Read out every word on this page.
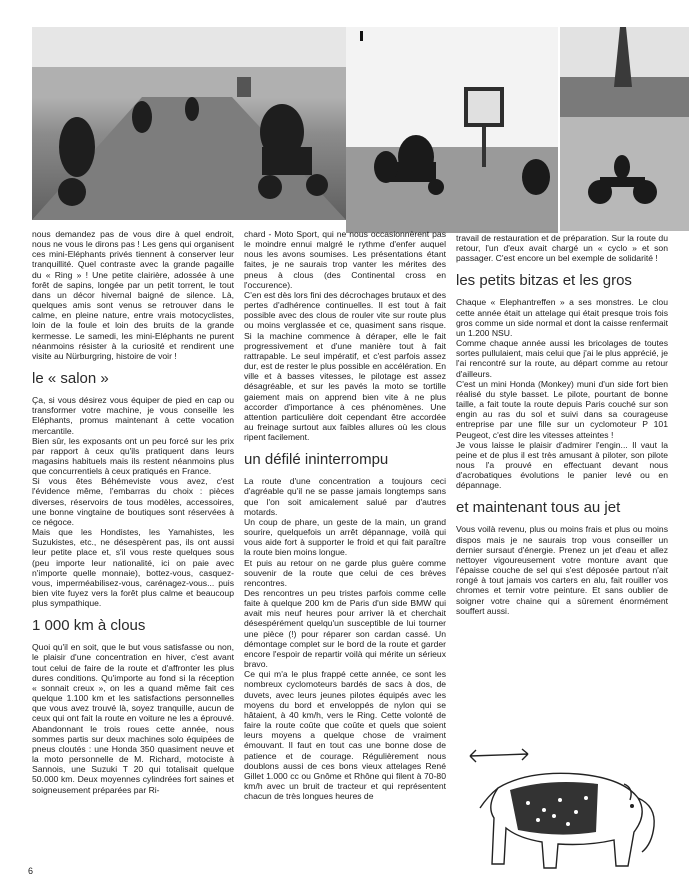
nous demandez pas de vous dire à quel endroit, nous ne vous le dirons pas ! Les gens qui organisent ces mini-Eléphants privés tiennent à conserver leur tranquillité. Quel contraste avec la grande pagaille du « Ring » ! Une petite clairière, adossée à une forêt de sapins, longée par un petit torrent, le tout dans un décor hivernal baigné de silence. Là, quelques amis sont venus se retrouver dans le calme, en pleine nature, entre vrais motocyclistes, loin de la foule et loin des bruits de la grande kermesse. Le samedi, les mini-Eléphants ne purent néanmoins résister à la curiosité et rendirent une visite au Nürburgring, histoire de voir !

le « salon »

Ça, si vous désirez vous équiper de pied en cap ou transformer votre machine, je vous conseille les Eléphants, promus maintenant à cette vocation mercantile.

Bien sûr, les exposants ont un peu forcé sur les prix par rapport à ceux qu'ils pratiquent dans leurs magasins habituels mais ils restent néanmoins plus que concurrentiels à ceux pratiqués en France.

Si vous êtes Béhémeviste vous avez, c'est l'évidence même, l'embarras du choix : pièces diverses, réservoirs de tous modèles, accessoires, une bonne vingtaine de boutiques sont réservées à ce négoce.

Mais que les Hondistes, les Yamahistes, les Suzukistes, etc., ne désespèrent pas, ils ont aussi leur petite place et, s'il vous reste quelques sous (peu importe leur nationalité, ici on paie avec n'importe quelle monnaie), bottez-vous, casquez-vous, imperméabilisez-vous, carénagez-vous... puis bien vite fuyez vers la forêt plus calme et beaucoup plus sympathique.

1 000 km à clous

Quoi qu'il en soit, que le but vous satisfasse ou non, le plaisir d'une concentration en hiver, c'est avant tout celui de faire de la route et d'affronter les plus dures conditions. Qu'importe au fond si la réception « sonnait creux », on les a quand même fait ces quelque 1.100 km et les satisfactions personnelles que vous avez trouvé là, soyez tranquille, aucun de ceux qui ont fait la route en voiture ne les a éprouvé. Abandonnant le trois roues cette année, nous sommes partis sur deux machines solo équipées de pneus cloutés : une Honda 350 quasiment neuve et la moto personnelle de M. Richard, motociste à Sannois, une Suzuki T 20 qui totalisait quelque 50.000 km. Deux moyennes cylindrées fort saines et soigneusement préparées par Ri-

chard - Moto Sport, qui ne nous occasionnèrent pas le moindre ennui malgré le rythme d'enfer auquel nous les avons soumises. Les présentations étant faites, je ne saurais trop vanter les mérites des pneus à clous (des Continental cross en l'occurence).

C'en est dès lors fini des décrochages brutaux et des pertes d'adhérence continuelles. Il est tout à fait possible avec des clous de rouler vite sur route plus ou moins verglassée et ce, quasiment sans risque. Si la machine commence à déraper, elle le fait progressivement et d'une manière tout à fait rattrapable. Le seul impératif, et c'est parfois assez dur, est de rester le plus possible en accélération. En ville et à basses vitesses, le pilotage est assez désagréable, et sur les pavés la moto se tortille gaiement mais on apprend bien vite à ne plus accorder d'importance à ces phénomènes. Une attention particulière doit cependant être accordée au freinage surtout aux faibles allures où les clous ripent facilement.

un défilé ininterrompu

La route d'une concentration a toujours ceci d'agréable qu'il ne se passe jamais longtemps sans que l'on soit amicalement salué par d'autres motards.

Un coup de phare, un geste de la main, un grand sourire, quelquefois un arrêt dépannage, voilà qui vous aide fort à supporter le froid et qui fait paraître la route bien moins longue.

Et puis au retour on ne garde plus guère comme souvenir de la route que celui de ces brèves rencontres.

Des rencontres un peu tristes parfois comme celle faite à quelque 200 km de Paris d'un side BMW qui avait mis neuf heures pour arriver là et cherchait désespérément quelqu'un susceptible de lui tourner une pièce (!) pour réparer son cardan cassé. Un démontage complet sur le bord de la route et garder encore l'espoir de repartir voilà qui mérite un sérieux bravo.

Ce qui m'a le plus frappé cette année, ce sont les nombreux cyclomoteurs bardés de sacs à dos, de duvets, avec leurs jeunes pilotes équipés avec les moyens du bord et enveloppés de nylon qui se hâtaient, à 40 km/h, vers le Ring. Cette volonté de faire la route coûte que coûte et quels que soient leurs moyens a quelque chose de vraiment émouvant. Il faut en tout cas une bonne dose de patience et de courage. Régulièrement nous doublons aussi de ces bons vieux attelages René Gillet 1.000 cc ou Gnôme et Rhône qui filent à 70-80 km/h avec un bruit de tracteur et qui représentent chacun de très longues heures de

travail de restauration et de préparation. Sur la route du retour, l'un d'eux avait chargé un « cyclo » et son passager. C'est encore un bel exemple de solidarité !

les petits bitzas et les gros

Chaque « Elephantreffen » a ses monstres. Le clou cette année était un attelage qui était presque trois fois gros comme un side normal et dont la caisse renfermait un 1.200 NSU.

Comme chaque année aussi les bricolages de toutes sortes pullulaient, mais celui que j'ai le plus apprécié, je l'ai rencontré sur la route, au départ comme au retour d'ailleurs.

C'est un mini Honda (Monkey) muni d'un side fort bien réalisé du style basset. Le pilote, pourtant de bonne taille, a fait toute la route depuis Paris couché sur son engin au ras du sol et suivi dans sa courageuse entreprise par une fille sur un cyclomoteur P 101 Peugeot, c'est dire les vitesses atteintes !

Je vous laisse le plaisir d'admirer l'engin... Il vaut la peine et de plus il est très amusant à piloter, son pilote nous l'a prouvé en effectuant devant nous d'acrobatiques évolutions le panier levé ou en dépannage.

et maintenant tous au jet

Vous voilà revenu, plus ou moins frais et plus ou moins dispos mais je ne saurais trop vous conseiller un dernier sursaut d'énergie. Prenez un jet d'eau et allez nettoyer vigoureusement votre monture avant que l'épaisse couche de sel qui s'est déposée partout n'ait rongé à tout jamais vos carters en alu, fait rouiller vos chromes et ternir votre peinture. Et sans oublier de soigner votre chaine qui a sûrement énormément souffert aussi.

6
